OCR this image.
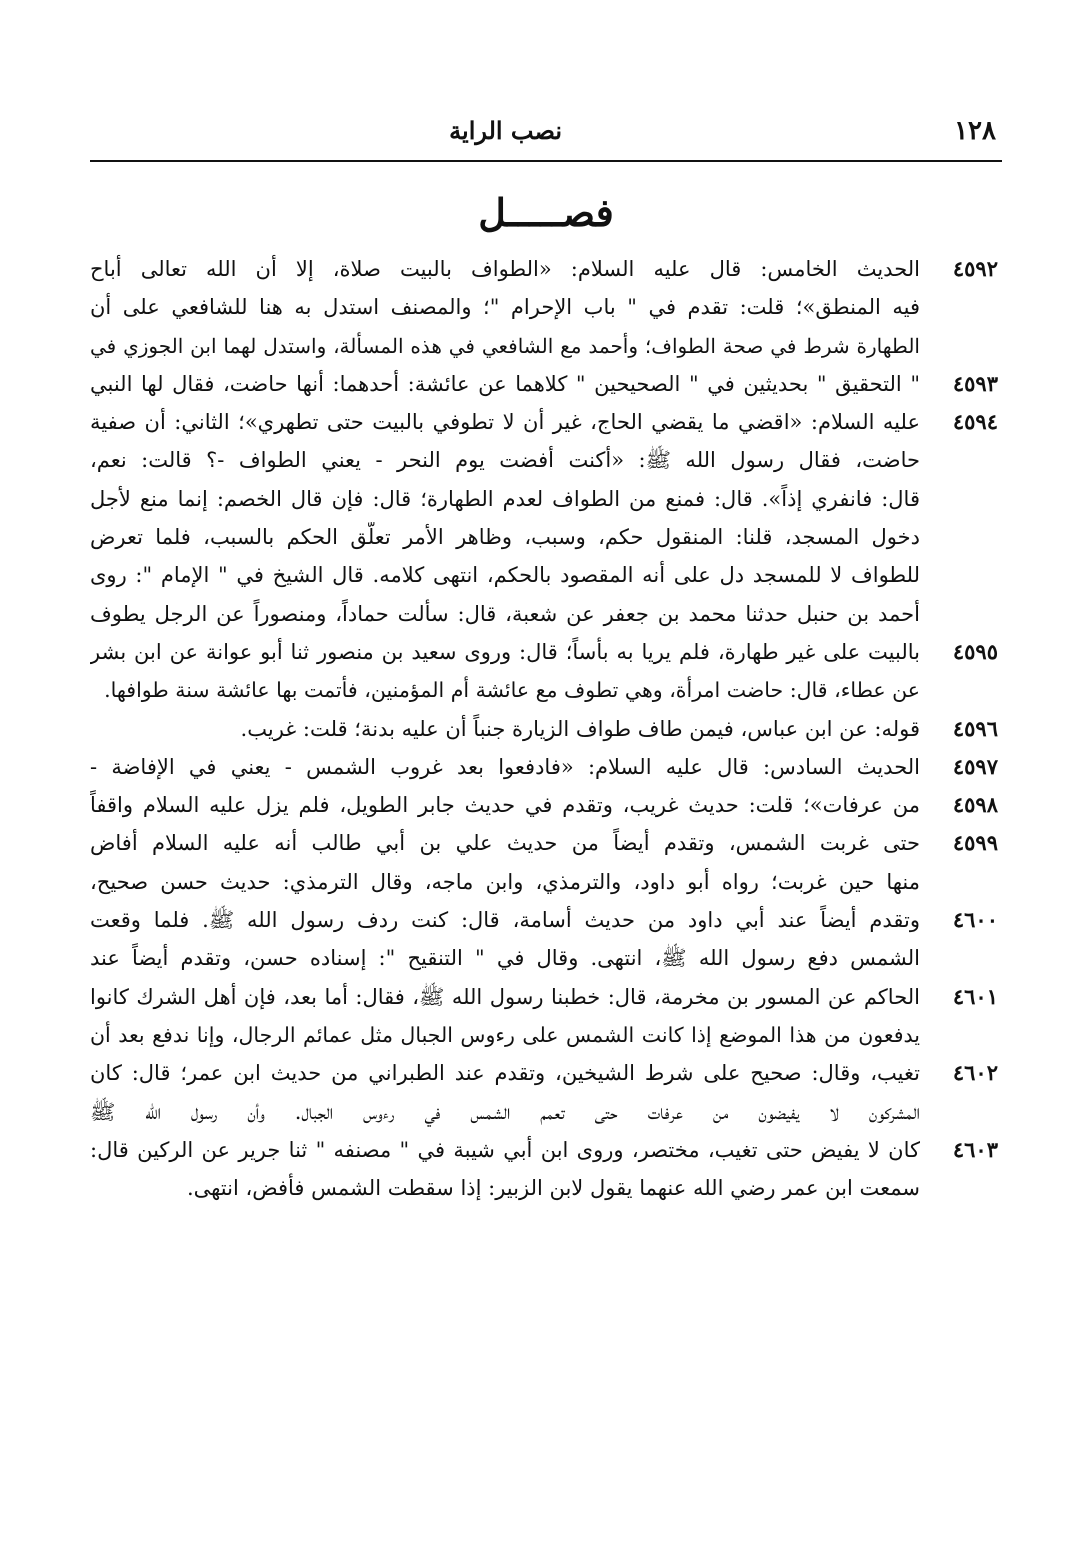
١٢٨
نصب الراية
فصـــــل
٤٥٩٢
الحديث الخامس: قال عليه السلام: «الطواف بالبيت صلاة، إلا أن الله تعالى أباح
فيه المنطق»؛ قلت: تقدم في " باب الإحرام "؛ والمصنف استدل به هنا للشافعي على أن
الطهارة شرط في صحة الطواف؛ وأحمد مع الشافعي في هذه المسألة، واستدل لهما ابن الجوزي في
٤٥٩٣
" التحقيق " بحديثين في " الصحيحين " كلاهما عن عائشة: أحدهما: أنها حاضت، فقال لها النبي
٤٥٩٤
عليه السلام: «اقضي ما يقضي الحاج، غير أن لا تطوفي بالبيت حتى تطهري»؛ الثاني: أن صفية
حاضت، فقال رسول الله ﷺ: «أكنت أفضت يوم النحر - يعني الطواف -؟ قالت: نعم،
قال: فانفري إذاً». قال: فمنع من الطواف لعدم الطهارة؛ قال: فإن قال الخصم: إنما منع لأجل
دخول المسجد، قلنا: المنقول حكم، وسبب، وظاهر الأمر تعلّق الحكم بالسبب، فلما تعرض
للطواف لا للمسجد دل على أنه المقصود بالحكم، انتهى كلامه. قال الشيخ في " الإمام ": روى
أحمد بن حنبل حدثنا محمد بن جعفر عن شعبة، قال: سألت حماداً، ومنصوراً عن الرجل يطوف
٤٥٩٥
بالبيت على غير طهارة، فلم يريا به بأساً؛ قال: وروى سعيد بن منصور ثنا أبو عوانة عن ابن بشر
عن عطاء، قال: حاضت امرأة، وهي تطوف مع عائشة أم المؤمنين، فأتمت بها عائشة سنة طوافها.
٤٥٩٦
قوله: عن ابن عباس، فيمن طاف طواف الزيارة جنباً أن عليه بدنة؛ قلت: غريب.
٤٥٩٧
الحديث السادس: قال عليه السلام: «فادفعوا بعد غروب الشمس - يعني في الإفاضة -
٤٥٩٨
من عرفات»؛ قلت: حديث غريب، وتقدم في حديث جابر الطويل، فلم يزل عليه السلام واقفاً
٤٥٩٩
حتى غربت الشمس، وتقدم أيضاً من حديث علي بن أبي طالب أنه عليه السلام أفاض
منها حين غربت؛ رواه أبو داود، والترمذي، وابن ماجه، وقال الترمذي: حديث حسن صحيح،
٤٦٠٠
وتقدم أيضاً عند أبي داود من حديث أسامة، قال: كنت ردف رسول الله ﷺ. فلما وقعت
الشمس دفع رسول الله ﷺ، انتهى. وقال في " التنقيح ": إسناده حسن، وتقدم أيضاً عند
٤٦٠١
الحاكم عن المسور بن مخرمة، قال: خطبنا رسول الله ﷺ، فقال: أما بعد، فإن أهل الشرك كانوا
يدفعون من هذا الموضع إذا كانت الشمس على رءوس الجبال مثل عمائم الرجال، وإنا ندفع بعد أن
٤٦٠٢
تغيب، وقال: صحيح على شرط الشيخين، وتقدم عند الطبراني من حديث ابن عمر؛ قال: كان
المشركون لا يفيضون من عرفات حتى تعمم الشمس في رءوس الجبال. وأن رسول الله ﷺ
٤٦٠٣
كان لا يفيض حتى تغيب، مختصر، وروى ابن أبي شيبة في " مصنفه " ثنا جرير عن الركين قال:
سمعت ابن عمر رضي الله عنهما يقول لابن الزبير: إذا سقطت الشمس فأفض، انتهى.
